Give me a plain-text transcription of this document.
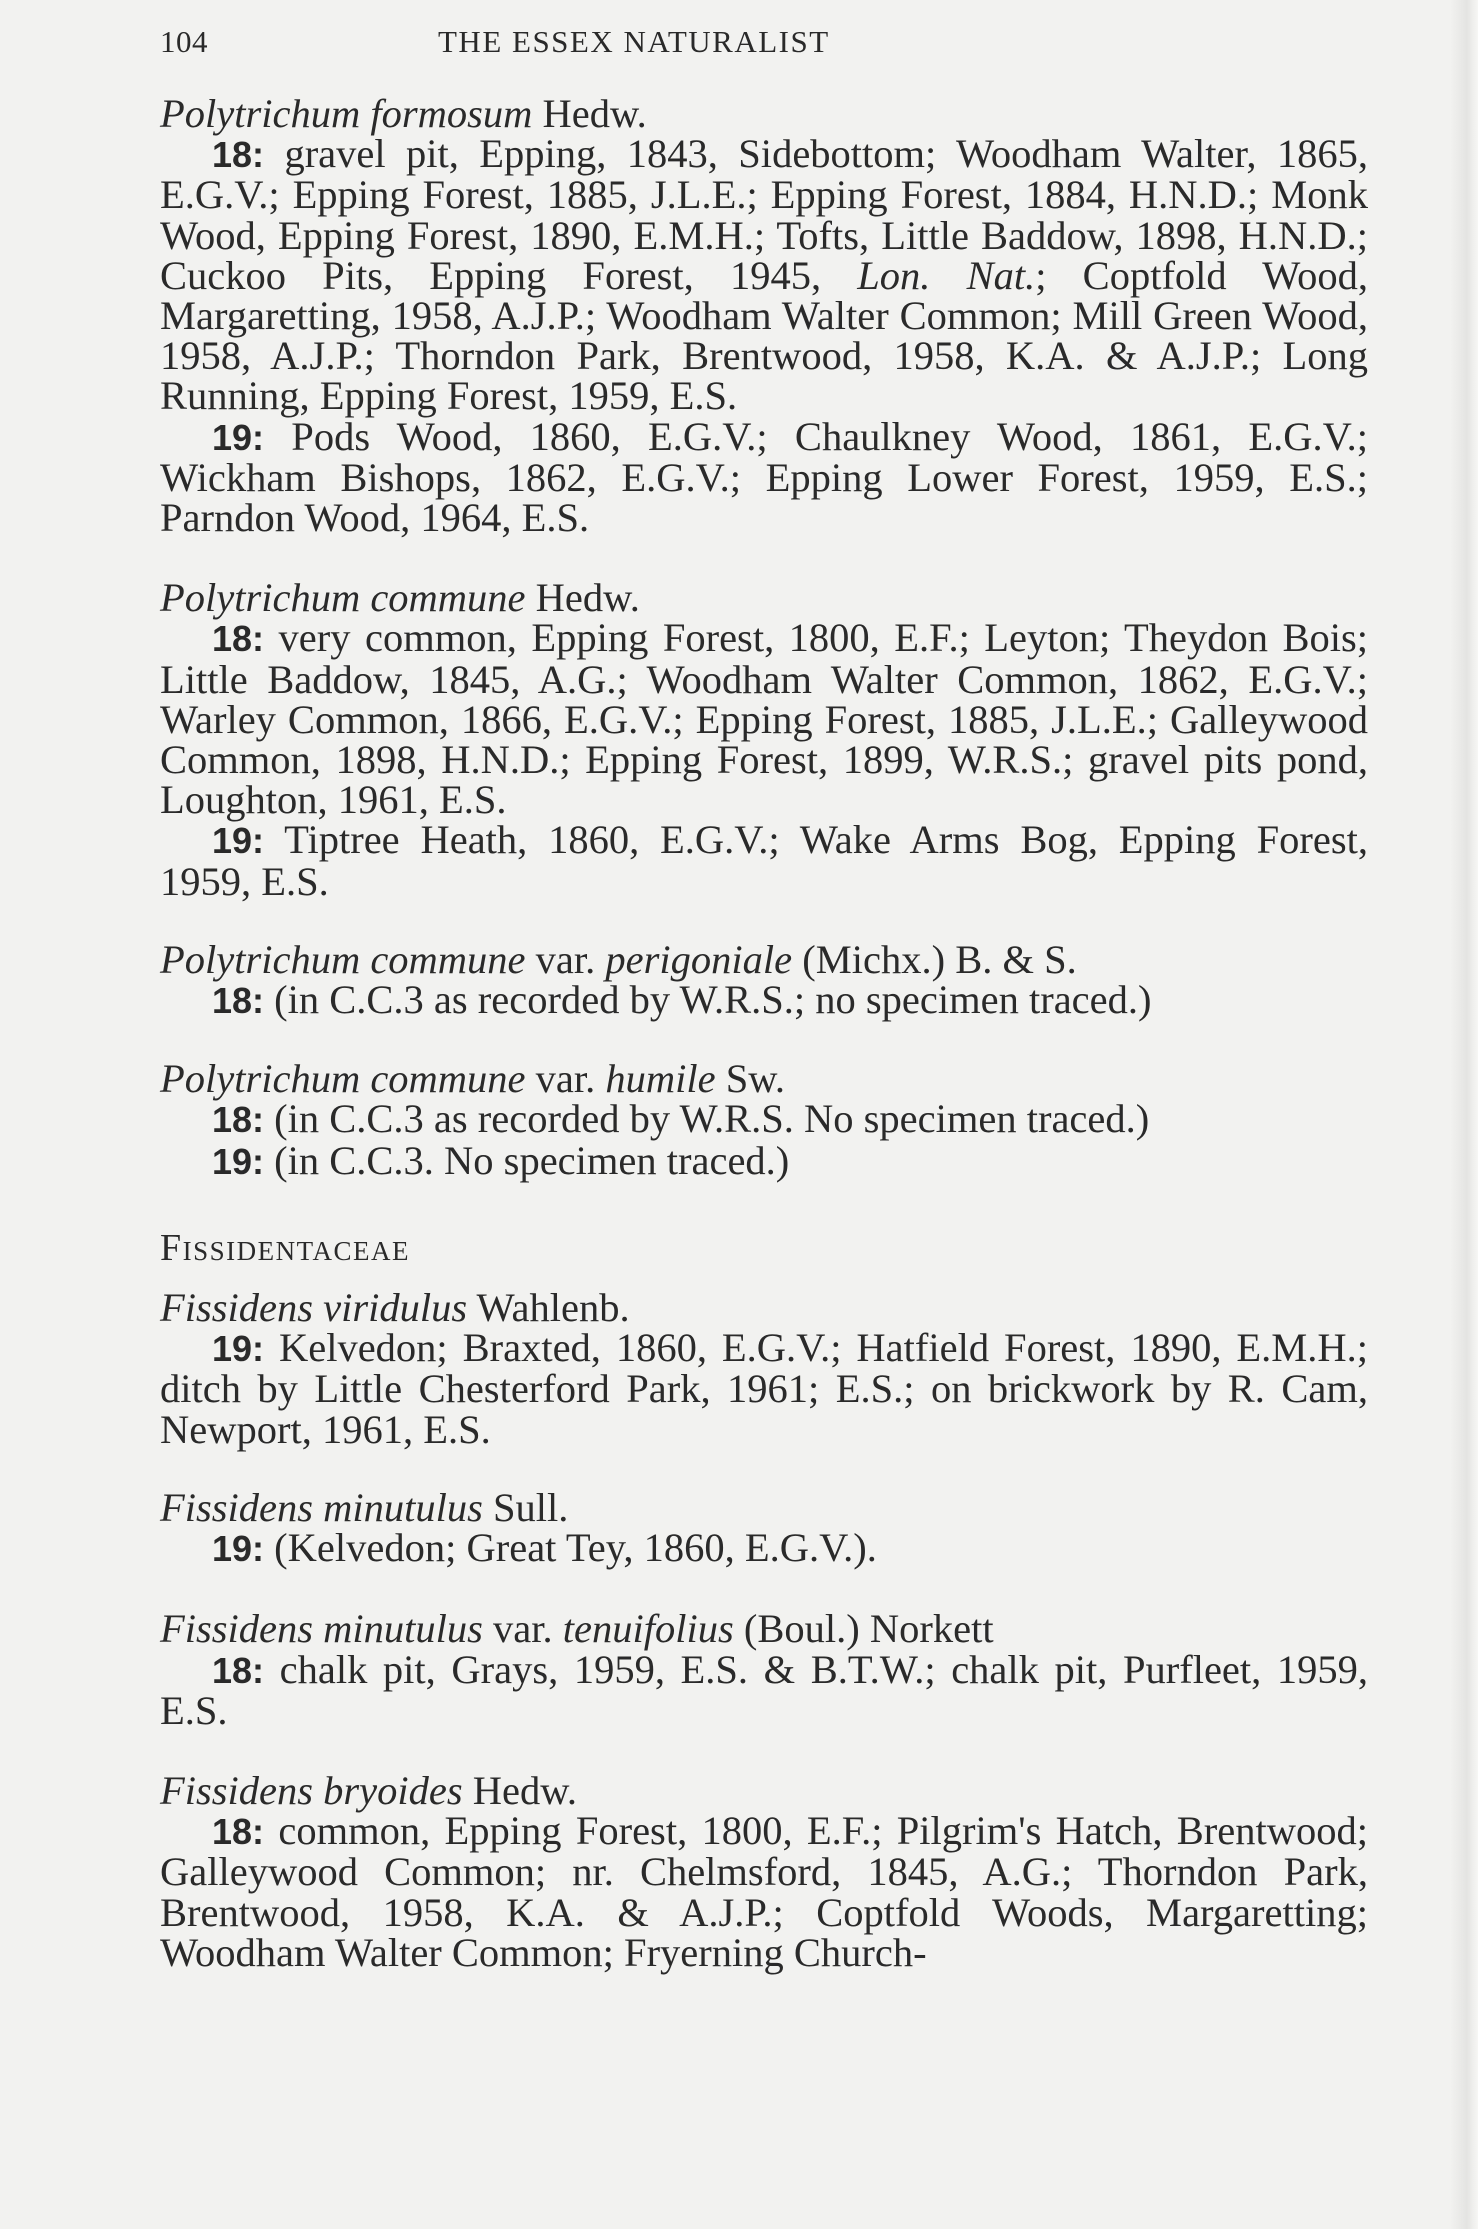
104	THE ESSEX NATURALIST

Polytrichum formosum Hedw.

18: gravel pit, Epping, 1843, Sidebottom; Woodham Walter, 1865, E.G.V.; Epping Forest, 1885, J.L.E.; Epping Forest, 1884, H.N.D.; Monk Wood, Epping Forest, 1890, E.M.H.; Tofts, Little Baddow, 1898, H.N.D.; Cuckoo Pits, Epping Forest, 1945, Lon. Nat.; Coptfold Wood, Margaretting, 1958, A.J.P.; Woodham Walter Common; Mill Green Wood, 1958, A.J.P.; Thorndon Park, Brentwood, 1958, K.A. & A.J.P.; Long Running, Epping Forest, 1959, E.S.

19: Pods Wood, 1860, E.G.V.; Chaulkney Wood, 1861, E.G.V.; Wickham Bishops, 1862, E.G.V.; Epping Lower Forest, 1959, E.S.; Parndon Wood, 1964, E.S.

Polytrichum commune Hedw.

18: very common, Epping Forest, 1800, E.F.; Leyton; Theydon Bois; Little Baddow, 1845, A.G.; Woodham Walter Common, 1862, E.G.V.; Warley Common, 1866, E.G.V.; Epping Forest, 1885, J.L.E.; Galleywood Common, 1898, H.N.D.; Epping Forest, 1899, W.R.S.; gravel pits pond, Loughton, 1961, E.S.

19: Tiptree Heath, 1860, E.G.V.; Wake Arms Bog, Epping Forest, 1959, E.S.

Polytrichum commune var. perigoniale (Michx.) B. & S.

18: (in C.C.3 as recorded by W.R.S.; no specimen traced.)

Polytrichum commune var. humile Sw.

18: (in C.C.3 as recorded by W.R.S. No specimen traced.)

19: (in C.C.3. No specimen traced.)

Fissidentaceae

Fissidens viridulus Wahlenb.

19: Kelvedon; Braxted, 1860, E.G.V.; Hatfield Forest, 1890, E.M.H.; ditch by Little Chesterford Park, 1961; E.S.; on brickwork by R. Cam, Newport, 1961, E.S.

Fissidens minutulus Sull.

19: (Kelvedon; Great Tey, 1860, E.G.V.).

Fissidens minutulus var. tenuifolius (Boul.) Norkett

18: chalk pit, Grays, 1959, E.S. & B.T.W.; chalk pit, Purfleet, 1959, E.S.

Fissidens bryoides Hedw.

18: common, Epping Forest, 1800, E.F.; Pilgrim's Hatch, Brentwood; Galleywood Common; nr. Chelmsford, 1845, A.G.; Thorndon Park, Brentwood, 1958, K.A. & A.J.P.; Coptfold Woods, Margaretting; Woodham Walter Common; Fryerning Church-
